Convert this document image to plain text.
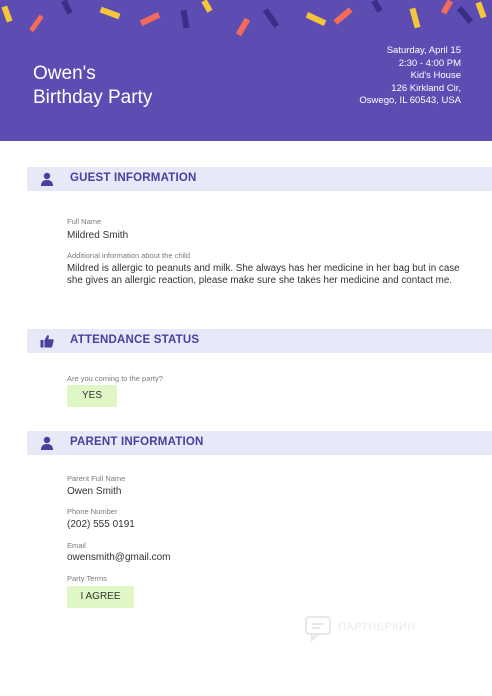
Owen's
Birthday Party
Saturday, April 15
2:30 - 4:00 PM
Kid's House
126 Kirkland Cir,
Oswego, IL 60543, USA
GUEST INFORMATION
Full Name
Mildred Smith
Additional information about the child
Mildred is allergic to peanuts and milk. She always has her medicine in her bag but in case she gives an allergic reaction, please make sure she takes her medicine and contact me.
ATTENDANCE STATUS
Are you coming to the party?
YES
PARENT INFORMATION
Parent Full Name
Owen Smith
Phone Number
(202) 555 0191
Email
owensmith@gmail.com
Party Terms
I AGREE
ПАРТНЕРКИН
